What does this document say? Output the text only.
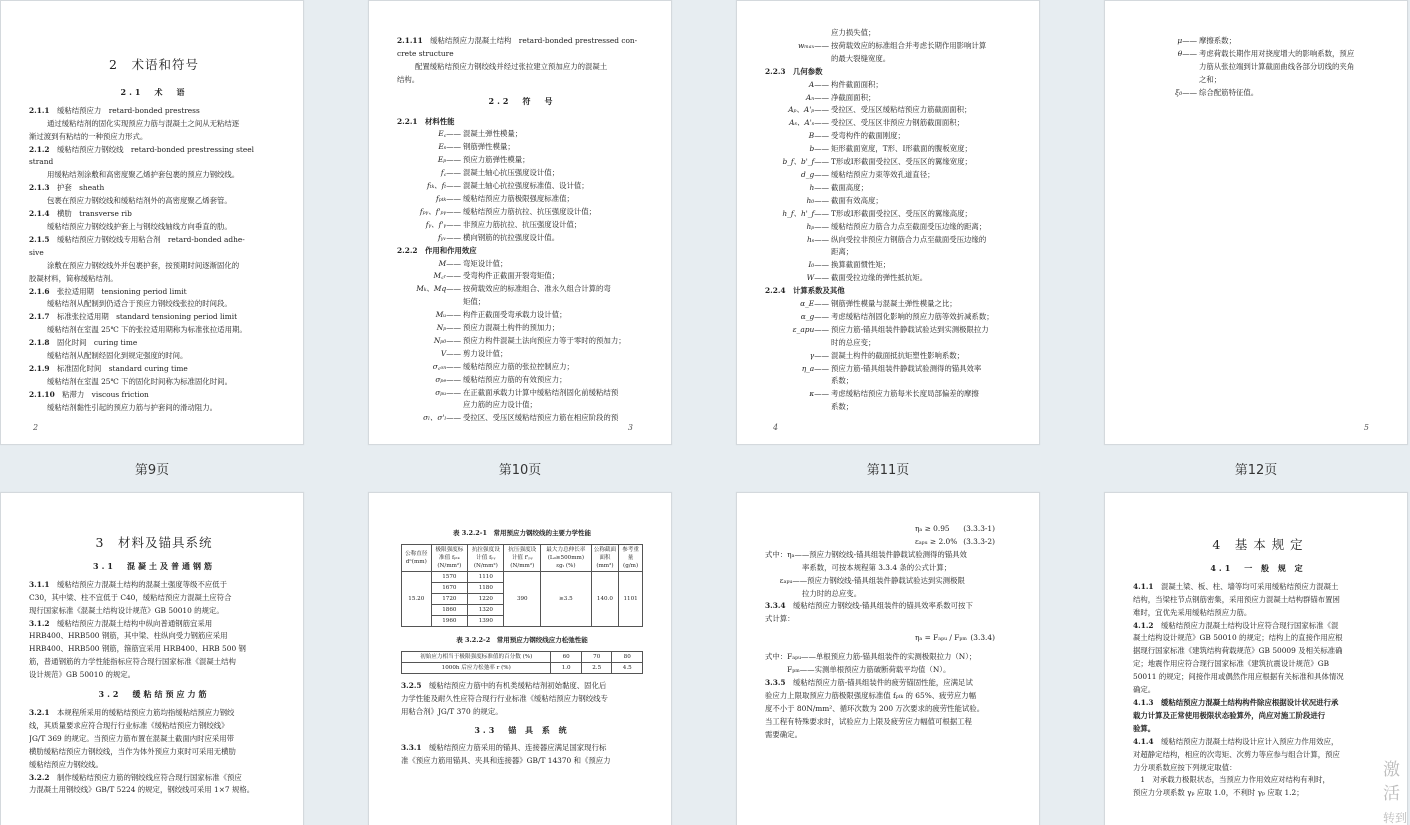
2　术语和符号
2.1　术　语
2.1.1　缓粘结预应力　retard-bonded prestress
通过缓粘结剂的固化实现预应力筋与混凝土之间从无粘结逐
渐过渡到有粘结的一种预应力形式。
2.1.2　缓粘结预应力钢绞线　retard-bonded prestressing steel
strand
用缓粘结剂涂敷和高密度聚乙烯护套包裹的预应力钢绞线。
2.1.3　护套　sheath
包裹在预应力钢绞线和缓粘结剂外的高密度聚乙烯套管。
2.1.4　横肋　transverse rib
缓粘结预应力钢绞线护套上与钢绞线轴线方向垂直的肋。
2.1.5　缓粘结预应力钢绞线专用粘合剂　retard-bonded adhe-
sive
涂敷在预应力钢绞线外并包裹护套，按预期时间逐渐固化的
胶凝材料，简称缓粘结剂。
2.1.6　张拉适用期　tensioning period limit
缓粘结剂从配制到仍适合于预应力钢绞线张拉的时间段。
2.1.7　标准张拉适用期　standard tensioning period limit
缓粘结剂在室温 25℃ 下的张拉适用期称为标准张拉适用期。
2.1.8　固化时间　curing time
缓粘结剂从配制经固化到规定强度的时间。
2.1.9　标准固化时间　standard curing time
缓粘结剂在室温 25℃ 下的固化时间称为标准固化时间。
2.1.10　粘滞力　viscous friction
缓粘结剂黏性引起的预应力筋与护套间的滑动阻力。
2
第9页
2.1.11　缓粘结预应力混凝土结构　retard-bonded prestressed con-
crete structure
配置缓粘结预应力钢绞线并经过张拉建立预加应力的混凝土
结构。
2.2　符　号
2.2.1　材料性能
E꜀—— 混凝土弹性模量；
Eₛ—— 钢筋弹性模量；
Eₚ—— 预应力筋弹性模量；
f꜀—— 混凝土轴心抗压强度设计值；
fₜₖ、fₜ—— 混凝土轴心抗拉强度标准值、设计值；
fₚₜₖ—— 缓粘结预应力筋极限强度标准值；
fₚᵧ、f'ₚᵧ—— 缓粘结预应力筋抗拉、抗压强度设计值；
fᵧ、f'ᵧ—— 非预应力筋抗拉、抗压强度设计值；
fᵧᵥ—— 横向钢筋的抗拉强度设计值。
2.2.2　作用和作用效应
M—— 弯矩设计值；
M꜀ᵣ—— 受弯构件正截面开裂弯矩值；
Mₖ、Mq—— 按荷载效应的标准组合、准永久组合计算的弯
矩值；
Mᵤ—— 构件正截面受弯承载力设计值；
Nₚ—— 预应力混凝土构件的预加力；
Nₚ₀—— 预应力构件混凝土法向预应力等于零时的预加力；
V—— 剪力设计值；
σ꜀ₒₙ—— 缓粘结预应力筋的张拉控制应力；
σₚₑ—— 缓粘结预应力筋的有效预应力；
σₚᵤ—— 在正截面承载力计算中缓粘结剂固化前缓粘结预
应力筋的应力设计值；
σₗ、σ'ₗ—— 受拉区、受压区缓粘结预应力筋在相应阶段的预
3
第10页
应力损失值；
wₘₐₓ—— 按荷载效应的标准组合并考虑长期作用影响计算
的最大裂缝宽度。
2.2.3　几何参数
A—— 构件截面面积；
Aₙ—— 净截面面积；
Aₚ、A'ₚ—— 受拉区、受压区缓粘结预应力筋截面面积；
Aₛ、A'ₛ—— 受拉区、受压区非预应力钢筋截面面积；
B—— 受弯构件的截面刚度；
b—— 矩形截面宽度，T形、I形截面的腹板宽度；
b_f、b'_f—— T形或I形截面受拉区、受压区的翼缘宽度；
d_g—— 缓粘结预应力束等效孔道直径；
h—— 截面高度；
h₀—— 截面有效高度；
h_f、h'_f—— T形或I形截面受拉区、受压区的翼缘高度；
hₚ—— 缓粘结预应力筋合力点至截面受压边缘的距离；
hₛ—— 纵向受拉非预应力钢筋合力点至截面受压边缘的
距离；
I₀—— 换算截面惯性矩；
W—— 截面受拉边缘的弹性抵抗矩。
2.2.4　计算系数及其他
α_E—— 钢筋弹性模量与混凝土弹性模量之比；
α_g—— 考虑缓粘结剂固化影响的预应力筋等效折减系数；
ε_apu—— 预应力筋-锚具组装件静载试验达到实测极限拉力
时的总应变；
γ—— 混凝土构件的截面抵抗矩塑性影响系数；
η_a—— 预应力筋-锚具组装件静载试验测得的锚具效率
系数；
κ—— 考虑缓粘结预应力筋每米长度局部偏差的摩擦
系数；
4
第11页
μ—— 摩擦系数；
θ—— 考虑荷载长期作用对挠度增大的影响系数，预应
力筋从张拉端到计算截面曲线各部分切线的夹角
之和；
ξ₀—— 综合配筋特征值。
5
第12页
3　材料及锚具系统
3.1　混凝土及普通钢筋
3.1.1　缓粘结预应力混凝土结构的混凝土强度等级不应低于
C30，其中梁、柱不宜低于 C40，缓粘结预应力混凝土应符合
现行国家标准《混凝土结构设计规范》GB 50010 的规定。
3.1.2　缓粘结预应力混凝土结构中纵向普通钢筋宜采用
HRB400、HRB500 钢筋，其中梁、柱纵向受力钢筋应采用
HRB400、HRB500 钢筋，箍筋宜采用 HRB400、HRB 500 钢
筋，普通钢筋的力学性能指标应符合现行国家标准《混凝土结构
设计规范》GB 50010 的规定。
3.2　缓粘结预应力筋
3.2.1　本规程所采用的缓粘结预应力筋均指缓粘结预应力钢绞
线，其质量要求应符合现行行业标准《缓粘结预应力钢绞线》
JG/T 369 的规定。当预应力筋布置在混凝土截面内时应采用带
横肋缓粘结预应力钢绞线，当作为体外预应力束时可采用无横肋
缓粘结预应力钢绞线。
3.2.2　制作缓粘结预应力筋的钢绞线应符合现行国家标准《预应
力混凝土用钢绞线》GB/T 5224 的规定，钢绞线可采用 1×7 规格。
表 3.2.2-1　常用预应力钢绞线的主要力学性能
公称直径 dⁿ(mm)	极限强度标准值 fₚₜₖ (N/mm²)	抗拉强度设计值 fₚᵧ (N/mm²)	抗压强度设计值 f'ₚᵧ (N/mm²)	最大力总伸长率 (L₀≥500mm) εgₜ (%)	公称截面面积 (mm²)	参考重量 (g/m)
15.20	1570	1110	390	≥3.5	140.0	1101
	1670	1180				
	1720	1220				
	1860	1320				
	1960	1390				
表 3.2.2-2　常用预应力钢绞线应力松弛性能
初始应力相当于极限强度标准值的百分数 (%)	60	70	80
1000h 后应力松弛率 r (%)	1.0	2.5	4.5
3.2.5　缓粘结预应力筋中的有机类缓粘结剂初始黏度、固化后
力学性能及耐久性应符合现行行业标准《缓粘结预应力钢绞线专
用粘合剂》JG/T 370 的规定。
3.3　锚 具 系 统
3.3.1　缓粘结预应力筋采用的锚具、连接器应满足国家现行标
准《预应力筋用锚具、夹具和连接器》GB/T 14370 和《预应力
ηₐ ≥ 0.95 (3.3.3-1)
εₐₚᵤ ≥ 2.0% (3.3.3-2)
式中：ηₐ——预应力钢绞线-锚具组装件静载试验测得的锚具效
　　　　　率系数，可按本规程第 3.3.4 条的公式计算；
　　εₐₚᵤ——预应力钢绞线-锚具组装件静载试验达到实测极限
　　　　　拉力时的总应变。
3.3.4　缓粘结预应力钢绞线-锚具组装件的锚具效率系数可按下
式计算：
ηₐ = Fₐₚᵤ / Fₚₘ (3.3.4)
式中：Fₐₚᵤ——单根预应力筋-锚具组装件的实测极限拉力（N）；
　　　Fₚₘ——实测单根预应力筋破断荷载平均值（N）。
3.3.5　缓粘结预应力筋-锚具组装件的疲劳锚固性能，应满足试
验应力上限取预应力筋极限强度标准值 fₚₜₖ 的 65%、疲劳应力幅
度不小于 80N/mm²、循环次数为 200 万次要求的疲劳性能试验。
当工程有特殊要求时，试验应力上限及疲劳应力幅值可根据工程
需要确定。
4　基 本 规 定
4.1　一 般 规 定
4.1.1　混凝土梁、板、柱、墙等均可采用缓粘结预应力混凝土
结构，当梁柱节点钢筋密集，采用预应力混凝土结构群锚布置困
难时，宜优先采用缓粘结预应力筋。
4.1.2　缓粘结预应力混凝土结构设计应符合现行国家标准《混
凝土结构设计规范》GB 50010 的规定；结构上的直接作用应根
据现行国家标准《建筑结构荷载规范》GB 50009 及相关标准确
定；地震作用应符合现行国家标准《建筑抗震设计规范》GB
50011 的规定；间接作用或偶然作用应根据有关标准和具体情况
确定。
4.1.3　缓粘结预应力混凝土结构构件除应根据设计状况进行承
载力计算及正常使用极限状态验算外，尚应对施工阶段进行
验算。
4.1.4　缓粘结预应力混凝土结构设计应计入预应力作用效应，
对超静定结构，相应的次弯矩、次剪力等应参与组合计算，预应
力分项系数应按下列规定取值：
　1　对承载力极限状态，当预应力作用效应对结构有利时，
预应力分项系数 γₚ 应取 1.0，不利时 γₚ 应取 1.2；
激活
转到
